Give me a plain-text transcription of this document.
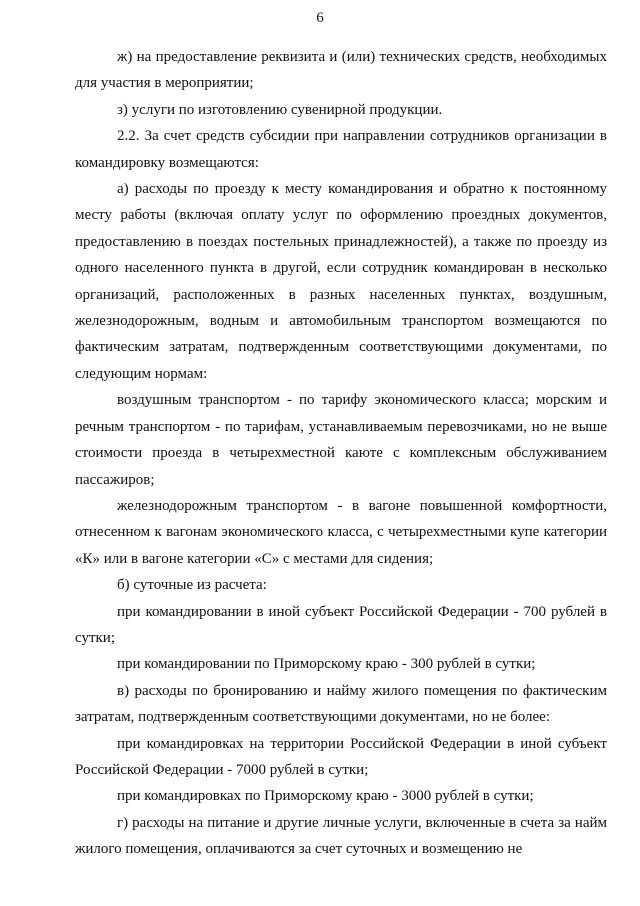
6

ж) на предоставление реквизита и (или) технических средств, необходимых для участия в мероприятии;

з) услуги по изготовлению сувенирной продукции.

2.2. За счет средств субсидии при направлении сотрудников организации в командировку возмещаются:

а) расходы по проезду к месту командирования и обратно к постоянному месту работы (включая оплату услуг по оформлению проездных документов, предоставлению в поездах постельных принадлежностей), а также по проезду из одного населенного пункта в другой, если сотрудник командирован в несколько организаций, расположенных в разных населенных пунктах, воздушным, железнодорожным, водным и автомобильным транспортом возмещаются по фактическим затратам, подтвержденным соответствующими документами, по следующим нормам:

воздушным транспортом - по тарифу экономического класса; морским и речным транспортом - по тарифам, устанавливаемым перевозчиками, но не выше стоимости проезда в четырехместной каюте с комплексным обслуживанием пассажиров;

железнодорожным транспортом - в вагоне повышенной комфортности, отнесенном к вагонам экономического класса, с четырехместными купе категории «К» или в вагоне категории «С» с местами для сидения;

б) суточные из расчета:

при командировании в иной субъект Российской Федерации - 700 рублей в сутки;

при командировании по Приморскому краю - 300 рублей в сутки;

в) расходы по бронированию и найму жилого помещения по фактическим затратам, подтвержденным соответствующими документами, но не более:

при командировках на территории Российской Федерации в иной субъект Российской Федерации - 7000 рублей в сутки;

при командировках по Приморскому краю - 3000 рублей в сутки;

г) расходы на питание и другие личные услуги, включенные в счета за найм жилого помещения, оплачиваются за счет суточных и возмещению не
